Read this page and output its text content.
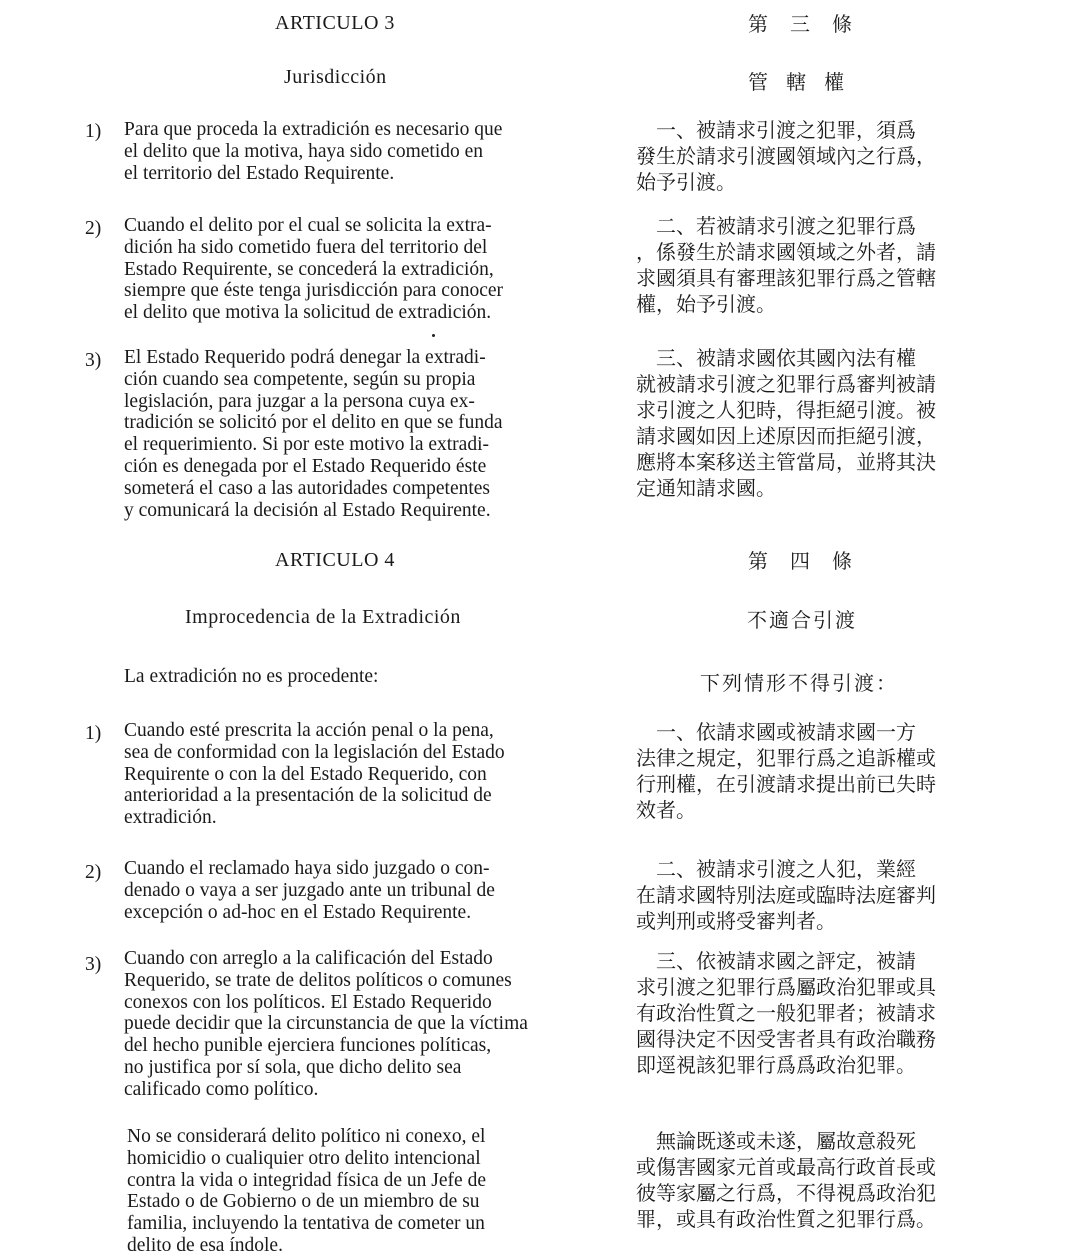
ARTICULO 3	第三條
Jurisdicción	管轄權
1) Para que proceda la extradición es necesario que
el delito que la motiva, haya sido cometido en
el territorio del Estado Requirente.
　一、被請求引渡之犯罪，須爲
發生於請求引渡國領域內之行爲，
始予引渡。
2) Cuando el delito por el cual se solicita la extra-
dición ha sido cometido fuera del territorio del
Estado Requirente, se concederá la extradición,
siempre que éste tenga jurisdicción para conocer
el delito que motiva la solicitud de extradición.
　二、若被請求引渡之犯罪行爲
，係發生於請求國領域之外者，請
求國須具有審理該犯罪行爲之管轄
權，始予引渡。
3) El Estado Requerido podrá denegar la extradi-
ción cuando sea competente, según su propia
legislación, para juzgar a la persona cuya ex-
tradición se solicitó por el delito en que se funda
el requerimiento. Si por este motivo la extradi-
ción es denegada por el Estado Requerido éste
someterá el caso a las autoridades competentes
y comunicará la decisión al Estado Requirente.
　三、被請求國依其國內法有權
就被請求引渡之犯罪行爲審判被請
求引渡之人犯時，得拒絕引渡。被
請求國如因上述原因而拒絕引渡，
應將本案移送主管當局，並將其決
定通知請求國。
ARTICULO 4	第四條
Improcedencia de la Extradición	不適合引渡
La extradición no es procedente:	下列情形不得引渡：
1) Cuando esté prescrita la acción penal o la pena,
sea de conformidad con la legislación del Estado
Requirente o con la del Estado Requerido, con
anterioridad a la presentación de la solicitud de
extradición.
　一、依請求國或被請求國一方
法律之規定，犯罪行爲之追訴權或
行刑權，在引渡請求提出前已失時
效者。
2) Cuando el reclamado haya sido juzgado o con-
denado o vaya a ser juzgado ante un tribunal de
excepción o ad-hoc en el Estado Requirente.
　二、被請求引渡之人犯，業經
在請求國特別法庭或臨時法庭審判
或判刑或將受審判者。
3) Cuando con arreglo a la calificación del Estado
Requerido, se trate de delitos políticos o comunes
conexos con los políticos. El Estado Requerido
puede decidir que la circunstancia de que la víctima
del hecho punible ejerciera funciones políticas,
no justifica por sí sola, que dicho delito sea
calificado como político.
　三、依被請求國之評定，被請
求引渡之犯罪行爲屬政治犯罪或具
有政治性質之一般犯罪者；被請求
國得決定不因受害者具有政治職務
即逕視該犯罪行爲爲政治犯罪。
No se considerará delito político ni conexo, el
homicidio o cualiquier otro delito intencional
contra la vida o integridad física de un Jefe de
Estado o de Gobierno o de un miembro de su
familia, incluyendo la tentativa de cometer un
delito de esa índole.
　無論既遂或未遂，屬故意殺死
或傷害國家元首或最高行政首長或
彼等家屬之行爲，不得視爲政治犯
罪，或具有政治性質之犯罪行爲。
